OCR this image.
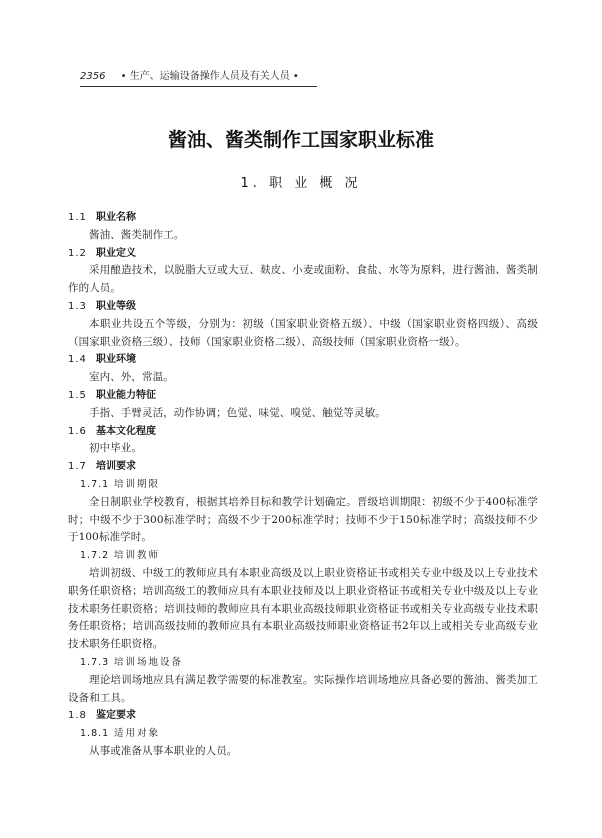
2356 • 生产、运输设备操作人员及有关人员 •
酱油、酱类制作工国家职业标准
1. 职 业 概 况
1.1 职业名称
酱油、酱类制作工。
1.2 职业定义
采用酿造技术，以脱脂大豆或大豆、麸皮、小麦或面粉、食盐、水等为原料，进行酱油、酱类制作的人员。
1.3 职业等级
本职业共设五个等级，分别为：初级（国家职业资格五级）、中级（国家职业资格四级）、高级（国家职业资格三级）、技师（国家职业资格二级）、高级技师（国家职业资格一级）。
1.4 职业环境
室内、外，常温。
1.5 职业能力特征
手指、手臂灵活，动作协调；色觉、味觉、嗅觉、触觉等灵敏。
1.6 基本文化程度
初中毕业。
1.7 培训要求
1.7.1 培训期限
全日制职业学校教育，根据其培养目标和教学计划确定。晋级培训期限：初级不少于400标准学时；中级不少于300标准学时；高级不少于200标准学时；技师不少于150标准学时；高级技师不少于100标准学时。
1.7.2 培训教师
培训初级、中级工的教师应具有本职业高级及以上职业资格证书或相关专业中级及以上专业技术职务任职资格；培训高级工的教师应具有本职业技师及以上职业资格证书或相关专业中级及以上专业技术职务任职资格；培训技师的教师应具有本职业高级技师职业资格证书或相关专业高级专业技术职务任职资格；培训高级技师的教师应具有本职业高级技师职业资格证书2年以上或相关专业高级专业技术职务任职资格。
1.7.3 培训场地设备
理论培训场地应具有满足教学需要的标准教室。实际操作培训场地应具备必要的酱油、酱类加工设备和工具。
1.8 鉴定要求
1.8.1 适用对象
从事或准备从事本职业的人员。
